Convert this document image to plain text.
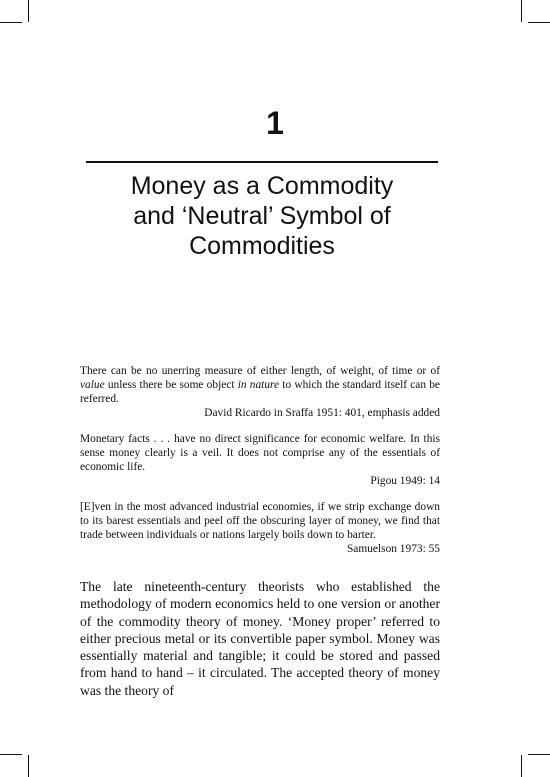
1
Money as a Commodity
and ‘Neutral’ Symbol of
Commodities
There can be no unerring measure of either length, of weight, of time or of value unless there be some object in nature to which the standard itself can be referred.
David Ricardo in Sraffa 1951: 401, emphasis added
Monetary facts . . . have no direct significance for economic welfare. In this sense money clearly is a veil. It does not comprise any of the essentials of economic life.
Pigou 1949: 14
[E]ven in the most advanced industrial economies, if we strip exchange down to its barest essentials and peel off the obscuring layer of money, we find that trade between individuals or nations largely boils down to barter.
Samuelson 1973: 55
The late nineteenth-century theorists who established the methodology of modern economics held to one version or another of the commodity theory of money. ‘Money proper’ referred to either precious metal or its convertible paper symbol. Money was essentially material and tangible; it could be stored and passed from hand to hand – it circulated. The accepted theory of money was the theory of
